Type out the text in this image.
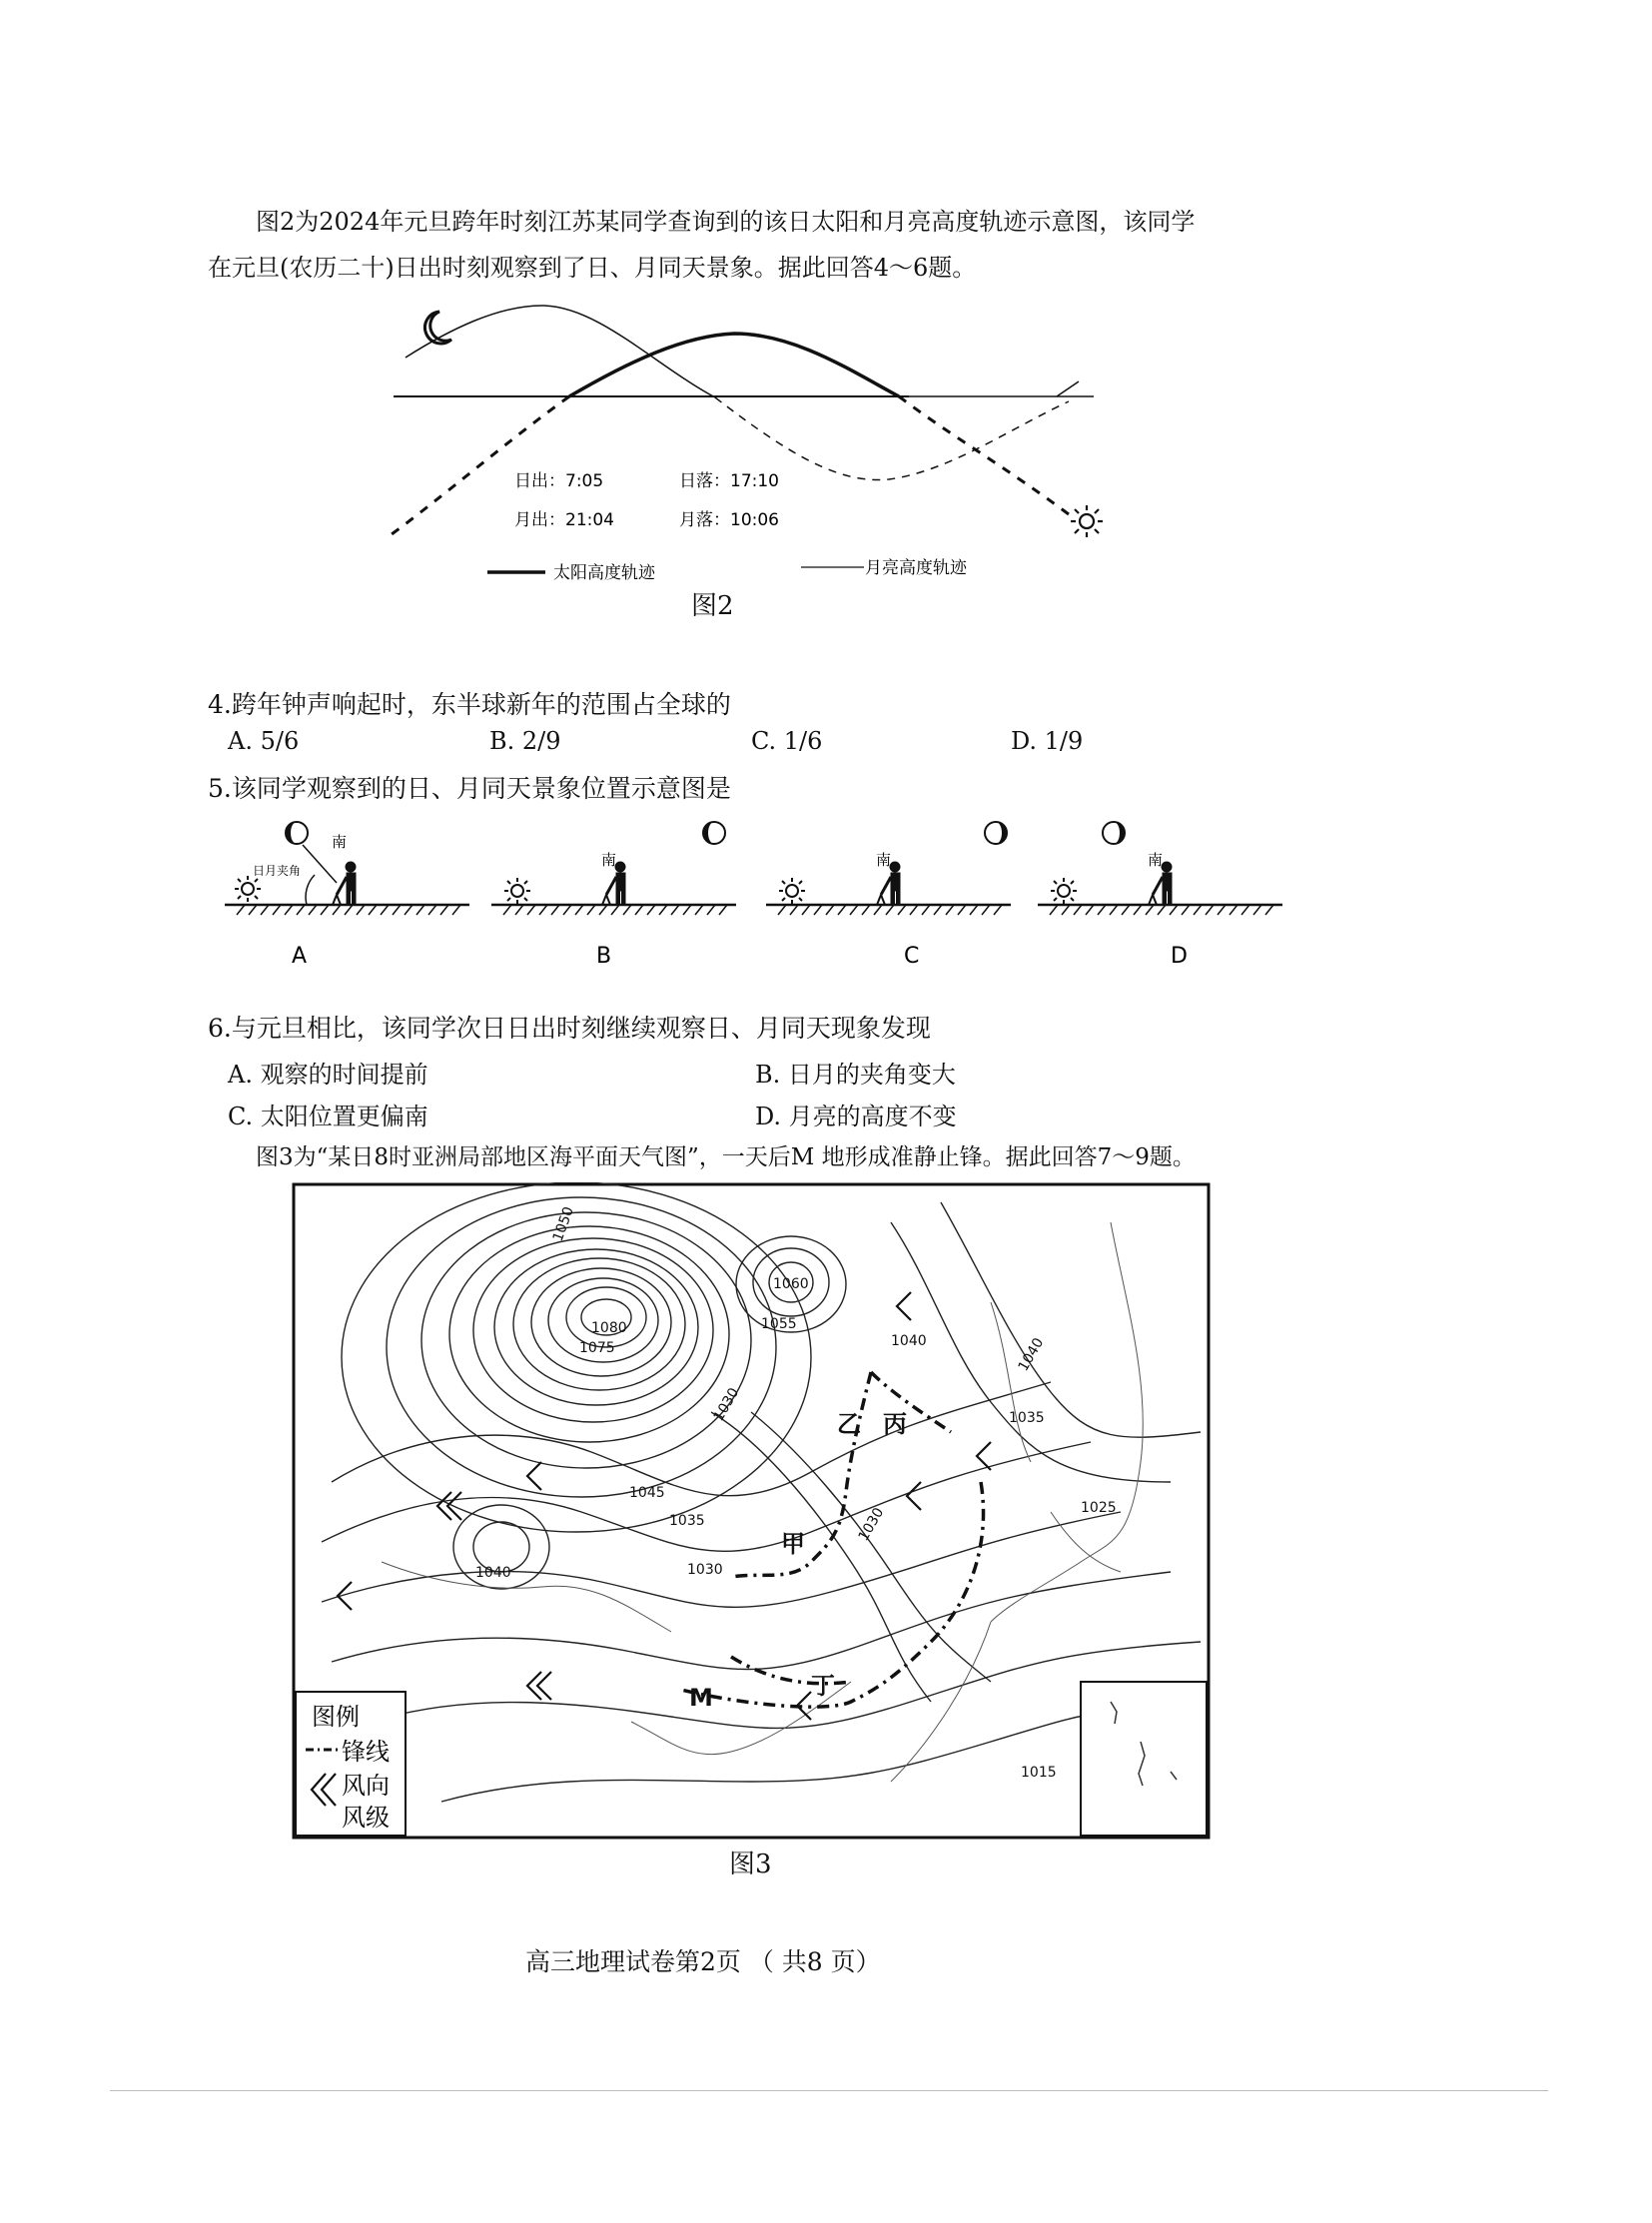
图2为2024年元旦跨年时刻江苏某同学查询到的该日太阳和月亮高度轨迹示意图，该同学
在元旦(农历二十)日出时刻观察到了日、月同天景象。据此回答4～6题。
日出：7:05	日落：17:10
月出：21:04	月落：10:06
太阳高度轨迹	月亮高度轨迹
图2
4.跨年钟声响起时，东半球新年的范围占全球的
A. 5/6	B. 2/9	C. 1/6	D. 1/9
5.该同学观察到的日、月同天景象位置示意图是
日月夹角
南
南	南	南
A	B	C	D
6.与元旦相比，该同学次日日出时刻继续观察日、月同天现象发现
A. 观察的时间提前	B. 日月的夹角变大
C. 太阳位置更偏南	D. 月亮的高度不变
图3为“某日8时亚洲局部地区海平面天气图”，一天后M 地形成准静止锋。据此回答7～9题。
1050
1080
1060
1055
1075	1040
1030
1045
1035
1025
1040
1040
1035
1030
1030
1015
乙 丙
甲
丁
M
图例
锋线
风向
风级
图3
高三地理试卷第2页 （ 共8 页）
